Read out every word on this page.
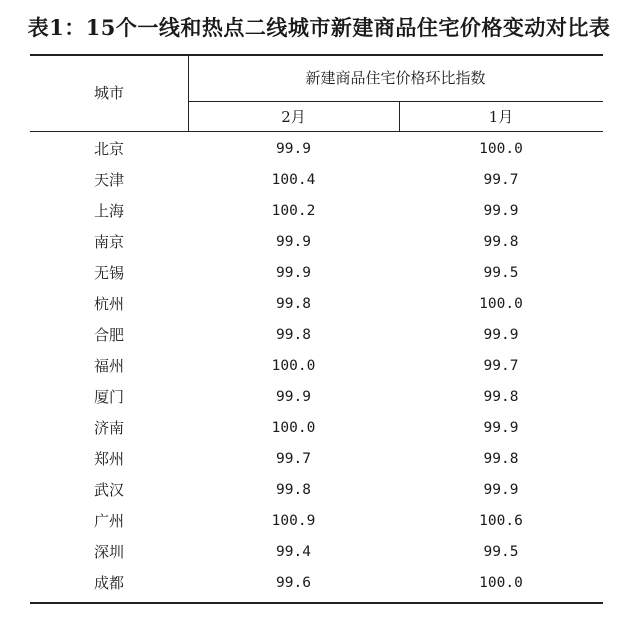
表1：15个一线和热点二线城市新建商品住宅价格变动对比表
城市
新建商品住宅价格环比指数
2月	1月
北京	99.9	100.0
天津	100.4	99.7
上海	100.2	99.9
南京	99.9	99.8
无锡	99.9	99.5
杭州	99.8	100.0
合肥	99.8	99.9
福州	100.0	99.7
厦门	99.9	99.8
济南	100.0	99.9
郑州	99.7	99.8
武汉	99.8	99.9
广州	100.9	100.6
深圳	99.4	99.5
成都	99.6	100.0
